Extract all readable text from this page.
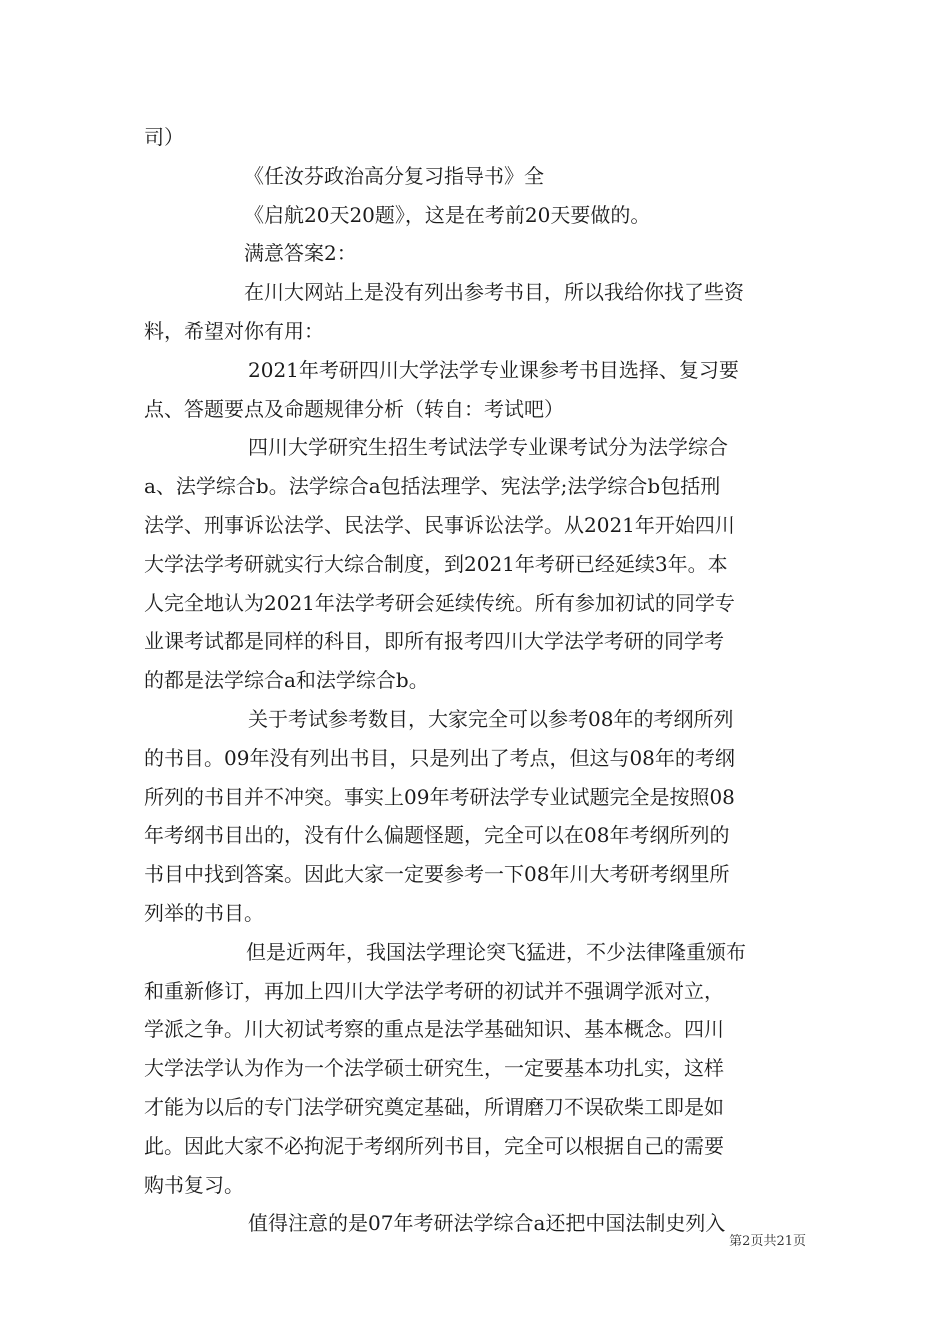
司）
《任汝芬政治高分复习指导书》全
《启航20天20题》，这是在考前20天要做的。
满意答案2：
在川大网站上是没有列出参考书目，所以我给你找了些资
料，希望对你有用：
2021年考研四川大学法学专业课参考书目选择、复习要
点、答题要点及命题规律分析（转自：考试吧）
四川大学研究生招生考试法学专业课考试分为法学综合
a、法学综合b。法学综合a包括法理学、宪法学;法学综合b包括刑
法学、刑事诉讼法学、民法学、民事诉讼法学。从2021年开始四川
大学法学考研就实行大综合制度，到2021年考研已经延续3年。本
人完全地认为2021年法学考研会延续传统。所有参加初试的同学专
业课考试都是同样的科目，即所有报考四川大学法学考研的同学考
的都是法学综合a和法学综合b。
关于考试参考数目，大家完全可以参考08年的考纲所列
的书目。09年没有列出书目，只是列出了考点，但这与08年的考纲
所列的书目并不冲突。事实上09年考研法学专业试题完全是按照08
年考纲书目出的，没有什么偏题怪题，完全可以在08年考纲所列的
书目中找到答案。因此大家一定要参考一下08年川大考研考纲里所
列举的书目。
但是近两年，我国法学理论突飞猛进，不少法律隆重颁布
和重新修订，再加上四川大学法学考研的初试并不强调学派对立，
学派之争。川大初试考察的重点是法学基础知识、基本概念。四川
大学法学认为作为一个法学硕士研究生，一定要基本功扎实，这样
才能为以后的专门法学研究奠定基础，所谓磨刀不误砍柴工即是如
此。因此大家不必拘泥于考纲所列书目，完全可以根据自己的需要
购书复习。
值得注意的是07年考研法学综合a还把中国法制史列入
第2页共21页
